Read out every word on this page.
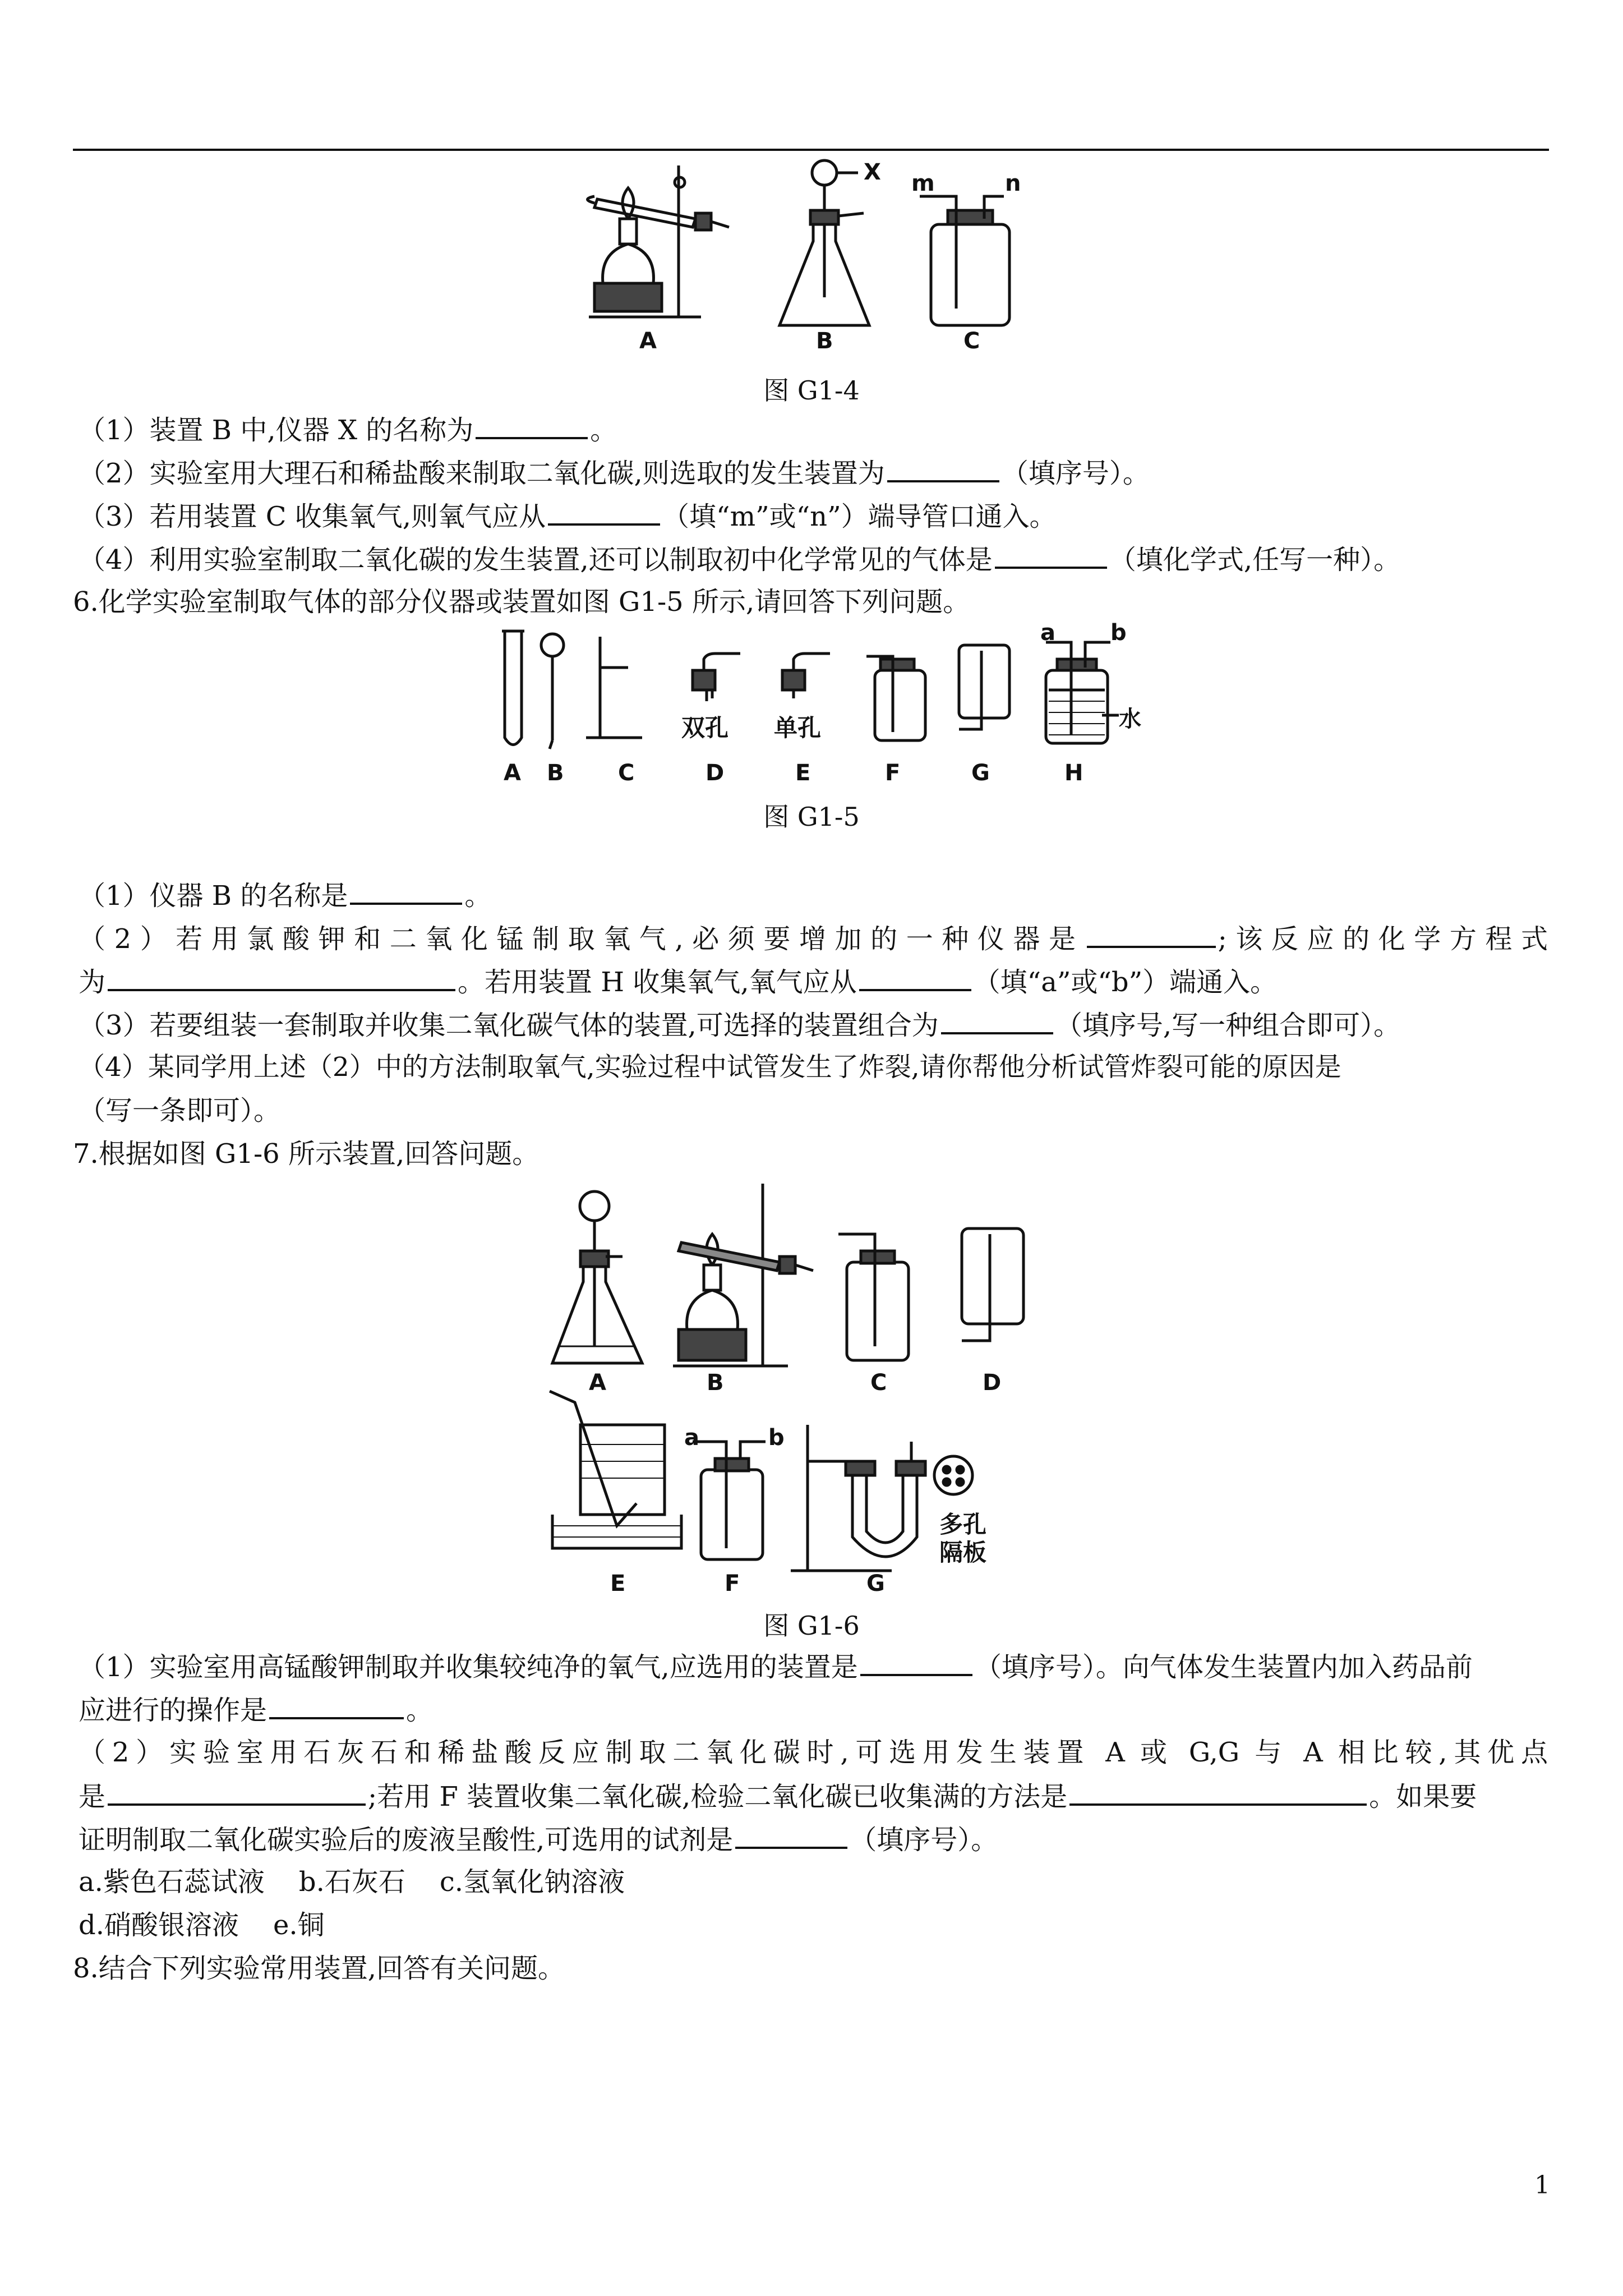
X m	n
A	B	C
图 G1-4
（1）装置 B 中,仪器 X 的名称为	。
（2）实验室用大理石和稀盐酸来制取二氧化碳,则选取的发生装置为	（填序号）。
（3）若用装置 C 收集氧气,则氧气应从	（填“m”或“n”）端导管口通入。
（4）利用实验室制取二氧化碳的发生装置,还可以制取初中化学常见的气体是	（填化学式,任写一种）。
6.化学实验室制取气体的部分仪器或装置如图 G1-5 所示,请回答下列问题。
双孔 单孔
a b
水
A B C	D	E	F	G	H
图 G1-5
（1）仪器 B 的名称是	。
（2）若用氯酸钾和二氧化锰制取氧气,必须要增加的一种仪器是	;该反应的化学方程式
为	。若用装置 H 收集氧气,氧气应从	（填“a”或“b”）端通入。
（3）若要组装一套制取并收集二氧化碳气体的装置,可选择的装置组合为	（填序号,写一种组合即可）。
（4）某同学用上述（2）中的方法制取氧气,实验过程中试管发生了炸裂,请你帮他分析试管炸裂可能的原因是
（写一条即可）。
7.根据如图 G1-6 所示装置,回答问题。
A	B	C	D
E	F	G
a	b
多孔
隔板
图 G1-6
（1）实验室用高锰酸钾制取并收集较纯净的氧气,应选用的装置是	（填序号）。向气体发生装置内加入药品前
应进行的操作是	。
（2）实验室用石灰石和稀盐酸反应制取二氧化碳时,可选用发生装置 A 或 G,G 与 A 相比较,其优点
是	;若用 F 装置收集二氧化碳,检验二氧化碳已收集满的方法是	。如果要
证明制取二氧化碳实验后的废液呈酸性,可选用的试剂是	（填序号）。
a.紫色石蕊试液    b.石灰石    c.氢氧化钠溶液
d.硝酸银溶液    e.铜
8.结合下列实验常用装置,回答有关问题。
1
